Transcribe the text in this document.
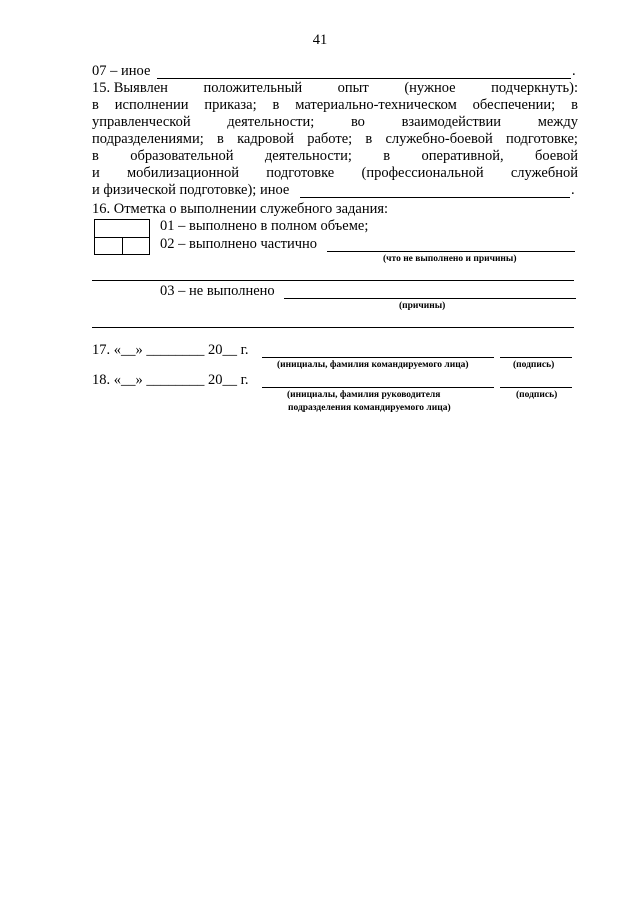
41
07 – иное	.
15. Выявлен положительный опыт (нужное подчеркнуть):
в исполнении приказа; в материально-техническом обеспечении; в
управленческой	деятельности;	во	взаимодействии	между
подразделениями; в кадровой работе; в служебно-боевой подготовке;
в образовательной деятельности; в оперативной, боевой
и мобилизационной подготовке (профессиональной служебной
и физической подготовке); иное	.
16. Отметка о выполнении служебного задания:
01 – выполнено в полном объеме;
02 – выполнено частично
(что не выполнено и причины)
03 – не выполнено
(причины)
17. «__» ________ 20__ г.
(инициалы, фамилия командируемого лица)	(подпись)
18. «__» ________ 20__ г.
(инициалы, фамилия руководителя
подразделения командируемого лица)
(подпись)
